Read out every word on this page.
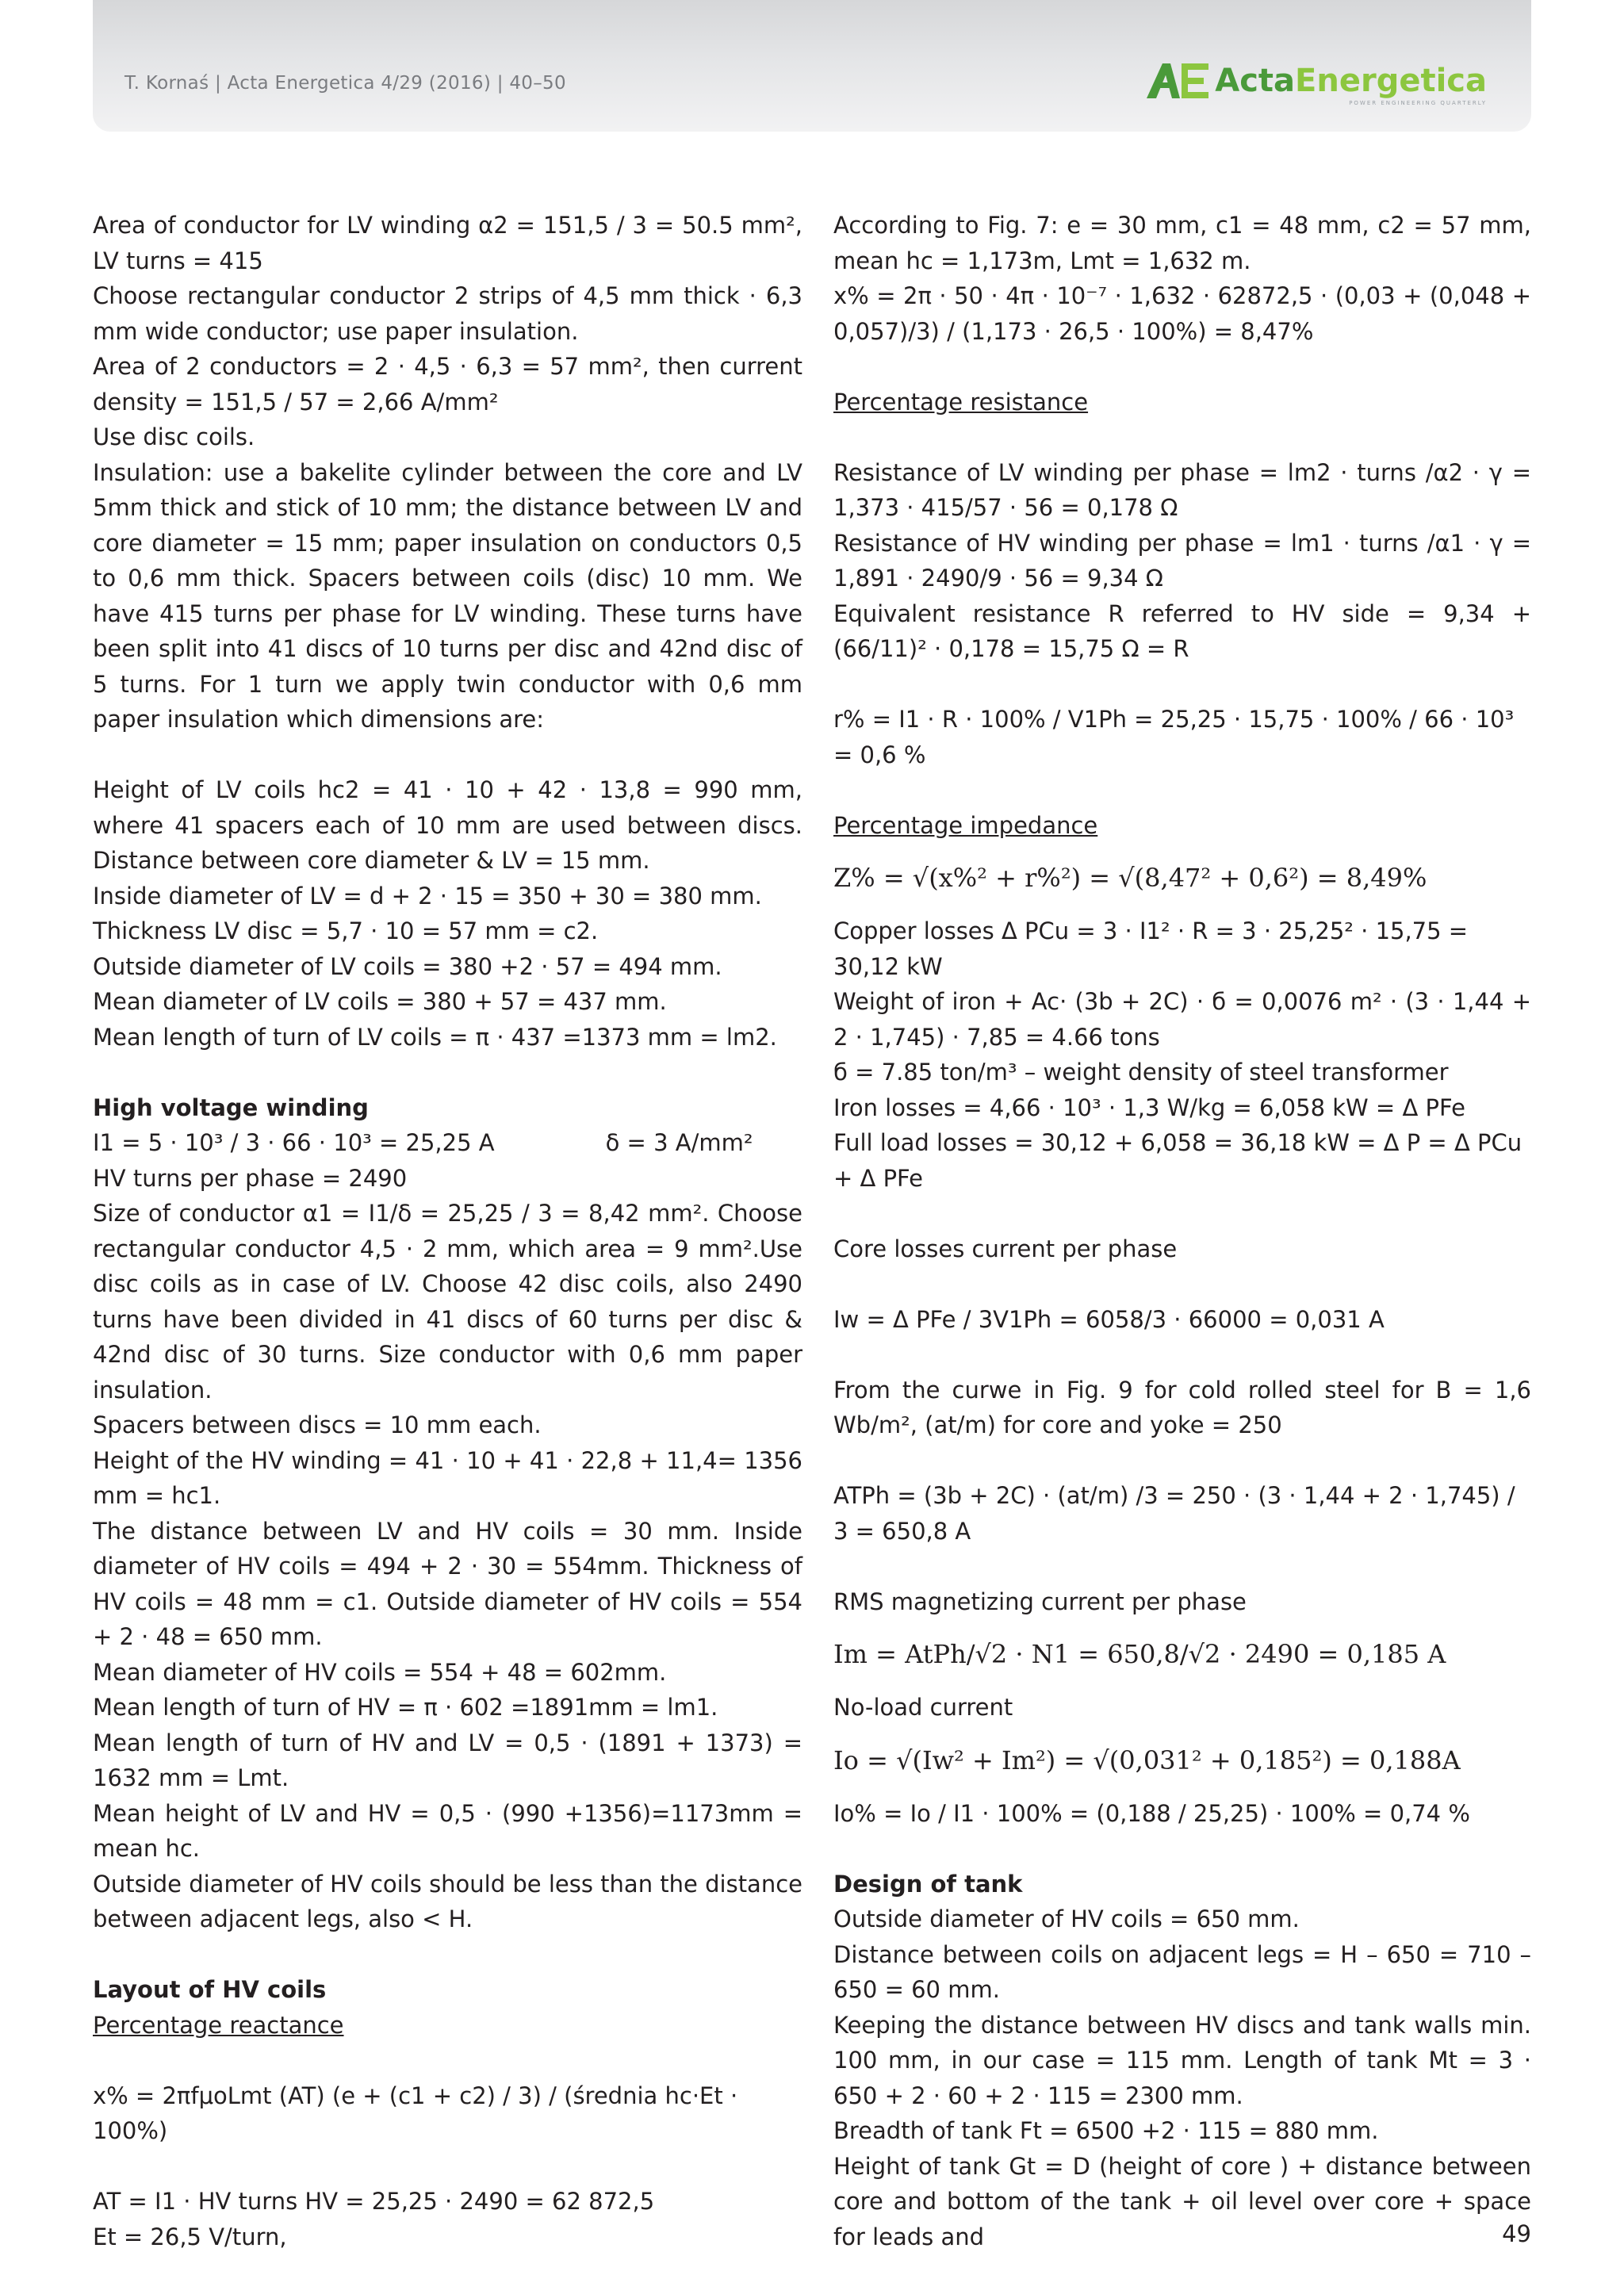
T. Kornaś | Acta Energetica 4/29 (2016) | 40–50	ActaEnergetica
POWER ENGINEERING QUARTERLY

Area of conductor for LV winding α2 = 151,5 / 3 = 50.5 mm², LV turns = 415

Choose rectangular conductor 2 strips of 4,5 mm thick · 6,3 mm wide conductor; use paper insulation.

Area of 2 conductors = 2 · 4,5 · 6,3 = 57 mm², then current density = 151,5 / 57 = 2,66 A/mm²

Use disc coils.

Insulation: use a bakelite cylinder between the core and LV 5mm thick and stick of 10 mm; the distance between LV and core diameter = 15 mm; paper insulation on conductors 0,5 to 0,6 mm thick. Spacers between coils (disc) 10 mm. We have 415 turns per phase for LV winding. These turns have been split into 41 discs of 10 turns per disc and 42nd disc of 5 turns. For 1 turn we apply twin conductor with 0,6 mm paper insulation which dimensions are:

Height of LV coils hc2 = 41 · 10 + 42 · 13,8 = 990 mm, where 41 spacers each of 10 mm are used between discs. Distance between core diameter & LV = 15 mm.

Inside diameter of LV = d + 2 · 15 = 350 + 30 = 380 mm.

Thickness LV disc = 5,7 · 10 = 57 mm = c2.

Outside diameter of LV coils = 380 +2 · 57 = 494 mm.

Mean diameter of LV coils = 380 + 57 = 437 mm.

Mean length of turn of LV coils = π · 437 =1373 mm = lm2.

High voltage winding

I1 = 5 · 10³ / 3 · 66 · 10³ = 25,25 A	δ = 3 A/mm²

HV turns per phase = 2490

Size of conductor α1 = I1/δ = 25,25 / 3 = 8,42 mm². Choose rectangular conductor 4,5 · 2 mm, which area = 9 mm².Use disc coils as in case of LV. Choose 42 disc coils, also 2490 turns have been divided in 41 discs of 60 turns per disc & 42nd disc of 30 turns. Size conductor with 0,6 mm paper insulation.

Spacers between discs = 10 mm each.

Height of the HV winding = 41 · 10 + 41 · 22,8 + 11,4= 1356 mm = hc1.

The distance between LV and HV coils = 30 mm. Inside diameter of HV coils = 494 + 2 · 30 = 554mm. Thickness of HV coils = 48 mm = c1. Outside diameter of HV coils = 554 + 2 · 48 = 650 mm.

Mean diameter of HV coils = 554 + 48 = 602mm.

Mean length of turn of HV = π · 602 =1891mm = lm1.

Mean length of turn of HV and LV = 0,5 · (1891 + 1373) = 1632 mm = Lmt.

Mean height of LV and HV = 0,5 · (990 +1356)=1173mm = mean hc.

Outside diameter of HV coils should be less than the distance between adjacent legs, also < H.

Layout of HV coils

Percentage reactance

x% = 2πfμoLmt (AT) (e + (c1 + c2) / 3) / (średnia hc·Et · 100%)

AT = I1 · HV turns HV = 25,25 · 2490 = 62 872,5

Et = 26,5 V/turn,

According to Fig. 7: e = 30 mm, c1 = 48 mm, c2 = 57 mm, mean hc = 1,173m, Lmt = 1,632 m.

x% = 2π · 50 · 4π · 10⁻⁷ · 1,632 · 62872,5 · (0,03 + (0,048 + 0,057)/3) / (1,173 · 26,5 · 100%) = 8,47%

Percentage resistance

Resistance of LV winding per phase = lm2 · turns /α2 · γ = 1,373 · 415/57 · 56 = 0,178 Ω

Resistance of HV winding per phase = lm1 · turns /α1 · γ = 1,891 · 2490/9 · 56 = 9,34 Ω

Equivalent resistance R referred to HV side = 9,34 + (66/11)² · 0,178 = 15,75 Ω = R

r% = I1 · R · 100% / V1Ph = 25,25 · 15,75 · 100% / 66 · 10³ = 0,6 %

Percentage impedance

Z% = √(x%² + r%²) = √(8,47² + 0,6²) = 8,49%

Copper losses Δ PCu = 3 · I1² · R = 3 · 25,25² · 15,75 = 30,12 kW

Weight of iron + Ac· (3b + 2C) · б = 0,0076 m² · (3 · 1,44 + 2 · 1,745) · 7,85 = 4.66 tons

б = 7.85 ton/m³ – weight density of steel transformer

Iron losses = 4,66 · 10³ · 1,3 W/kg = 6,058 kW = Δ PFe

Full load losses = 30,12 + 6,058 = 36,18 kW = Δ P = Δ PCu + Δ PFe

Core losses current per phase

Iw = Δ PFe / 3V1Ph = 6058/3 · 66000 = 0,031 A

From the curwe in Fig. 9 for cold rolled steel for B = 1,6 Wb/m², (at/m) for core and yoke = 250

ATPh = (3b + 2C) · (at/m) /3 = 250 · (3 · 1,44 + 2 · 1,745) / 3 = 650,8 A

RMS magnetizing current per phase

Im = AtPh/√2 · N1 = 650,8/√2 · 2490 = 0,185 A

No-load current

Io = √(Iw² + Im²) = √(0,031² + 0,185²) = 0,188A

Io% = Io / I1 · 100% = (0,188 / 25,25) · 100% = 0,74 %

Design of tank

Outside diameter of HV coils = 650 mm.

Distance between coils on adjacent legs = H – 650 = 710 – 650 = 60 mm.

Keeping the distance between HV discs and tank walls min. 100 mm, in our case = 115 mm. Length of tank Mt = 3 · 650 + 2 · 60 + 2 · 115 = 2300 mm.

Breadth of tank Ft = 6500 +2 · 115 = 880 mm.

Height of tank Gt = D (height of core ) + distance between core and bottom of the tank + oil level over core + space for leads and	49
